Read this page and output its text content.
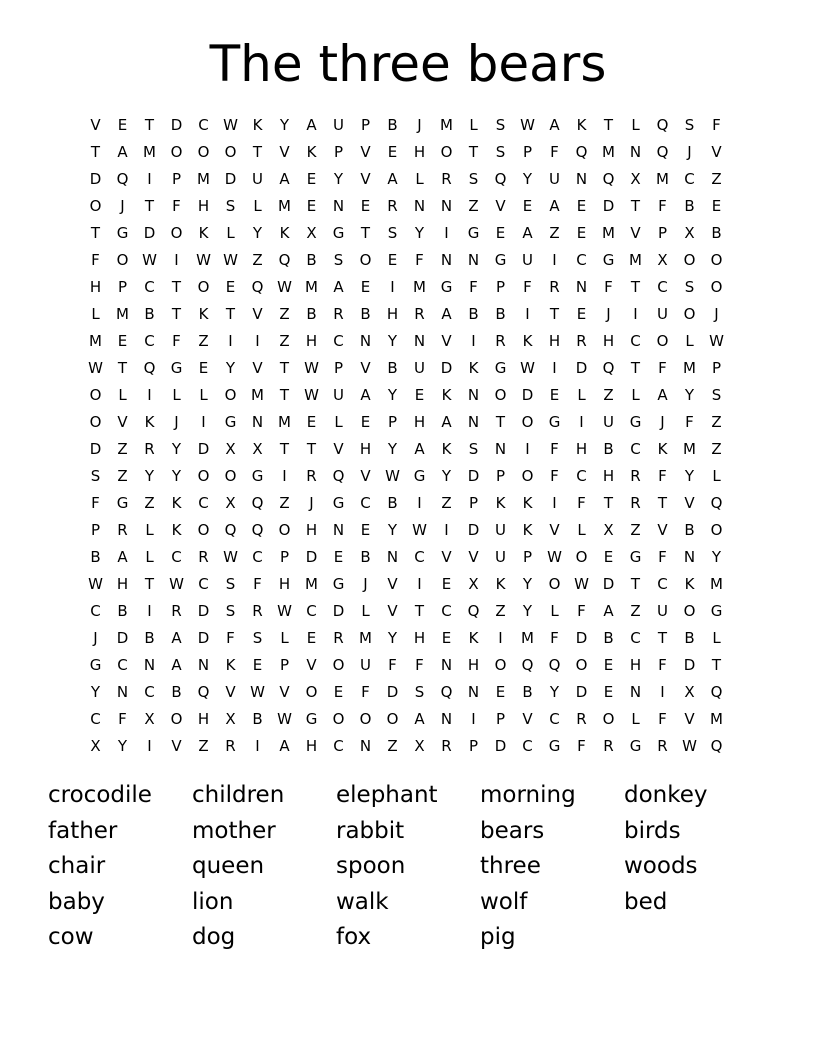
The three bears
V	E	T	D	C W K	Y	A	U	P	B	J	M	L	S W A	K	T	L	Q	S	F
T	A	M O	O	O	T	V	K	P	V	E	H	O	T	S	P	F	Q M N	Q	J	V
D	Q	I	P	M D	U	A	E	Y	V	A	L	R	S	Q	Y	U	N	Q	X	M	C	Z
O	J	T	F	H	S	L	M	E	N	E	R	N	N	Z	V	E	A	E	D	T	F	B	E
T	G	D	O	K	L	Y	K	X	G	T	S	Y	I	G	E	A	Z	E	M	V	P	X	B
F	O W	I	W W Z	Q	B	S	O	E	F	N	N	G	U	I	C	G M	X	O	O
H	P	C	T	O	E	Q W M	A	E	I	M G	F	P	F	R	N	F	T	C	S	O
L	M	B	T	K	T	V	Z	B	R	B	H	R	A	B	B	I	T	E	J	I	U	O	J
M	E	C	F	Z	I	I	Z	H	C	N	Y	N	V	I	R	K	H	R	H	C	O	L	W
W T	Q	G	E	Y	V	T	W	P	V	B	U	D	K	G W	I	D	Q	T	F	M	P
O	L	I	L	L	O M	T	W U	A	Y	E	K	N	O	D	E	L	Z	L	A	Y	S
O	V	K	J	I	G	N M	E	L	E	P	H	A	N	T	O	G	I	U	G	J	F	Z
D	Z	R	Y	D	X	X	T	T	V	H	Y	A	K	S	N	I	F	H	B	C	K	M	Z
S	Z	Y	Y	O	O	G	I	R	Q	V W G	Y	D	P	O	F	C	H	R	F	Y	L
F	G	Z	K	C	X	Q	Z	J	G	C	B	I	Z	P	K	K	I	F	T	R	T	V	Q
P	R	L	K	O	Q	Q	O	H	N	E	Y	W	I	D	U	K	V	L	X	Z	V	B	O
B	A	L	C	R W C	P	D	E	B	N	C	V	V	U	P	W O	E	G	F	N	Y
W H	T	W C	S	F	H M G	J	V	I	E	X	K	Y	O W D	T	C	K	M
C	B	I	R	D	S	R W C	D	L	V	T	C	Q	Z	Y	L	F	A	Z	U	O	G
J	D	B	A	D	F	S	L	E	R	M	Y	H	E	K	I	M	F	D	B	C	T	B	L
G	C	N	A	N	K	E	P	V	O	U	F	F	N	H	O	Q	Q	O	E	H	F	D	T
Y	N	C	B	Q	V W V	O	E	F	D	S	Q	N	E	B	Y	D	E	N	I	X	Q
C	F	X	O	H	X	B W G	O	O	O	A	N	I	P	V	C	R	O	L	F	V	M
X	Y	I	V	Z	R	I	A	H	C	N	Z	X	R	P	D	C	G	F	R	G	R W Q
crocodile	children	elephant	morning	donkey
father	mother	rabbit	bears	birds
chair	queen	spoon	three	woods
baby	lion	walk	wolf	bed
cow	dog	fox	pig
